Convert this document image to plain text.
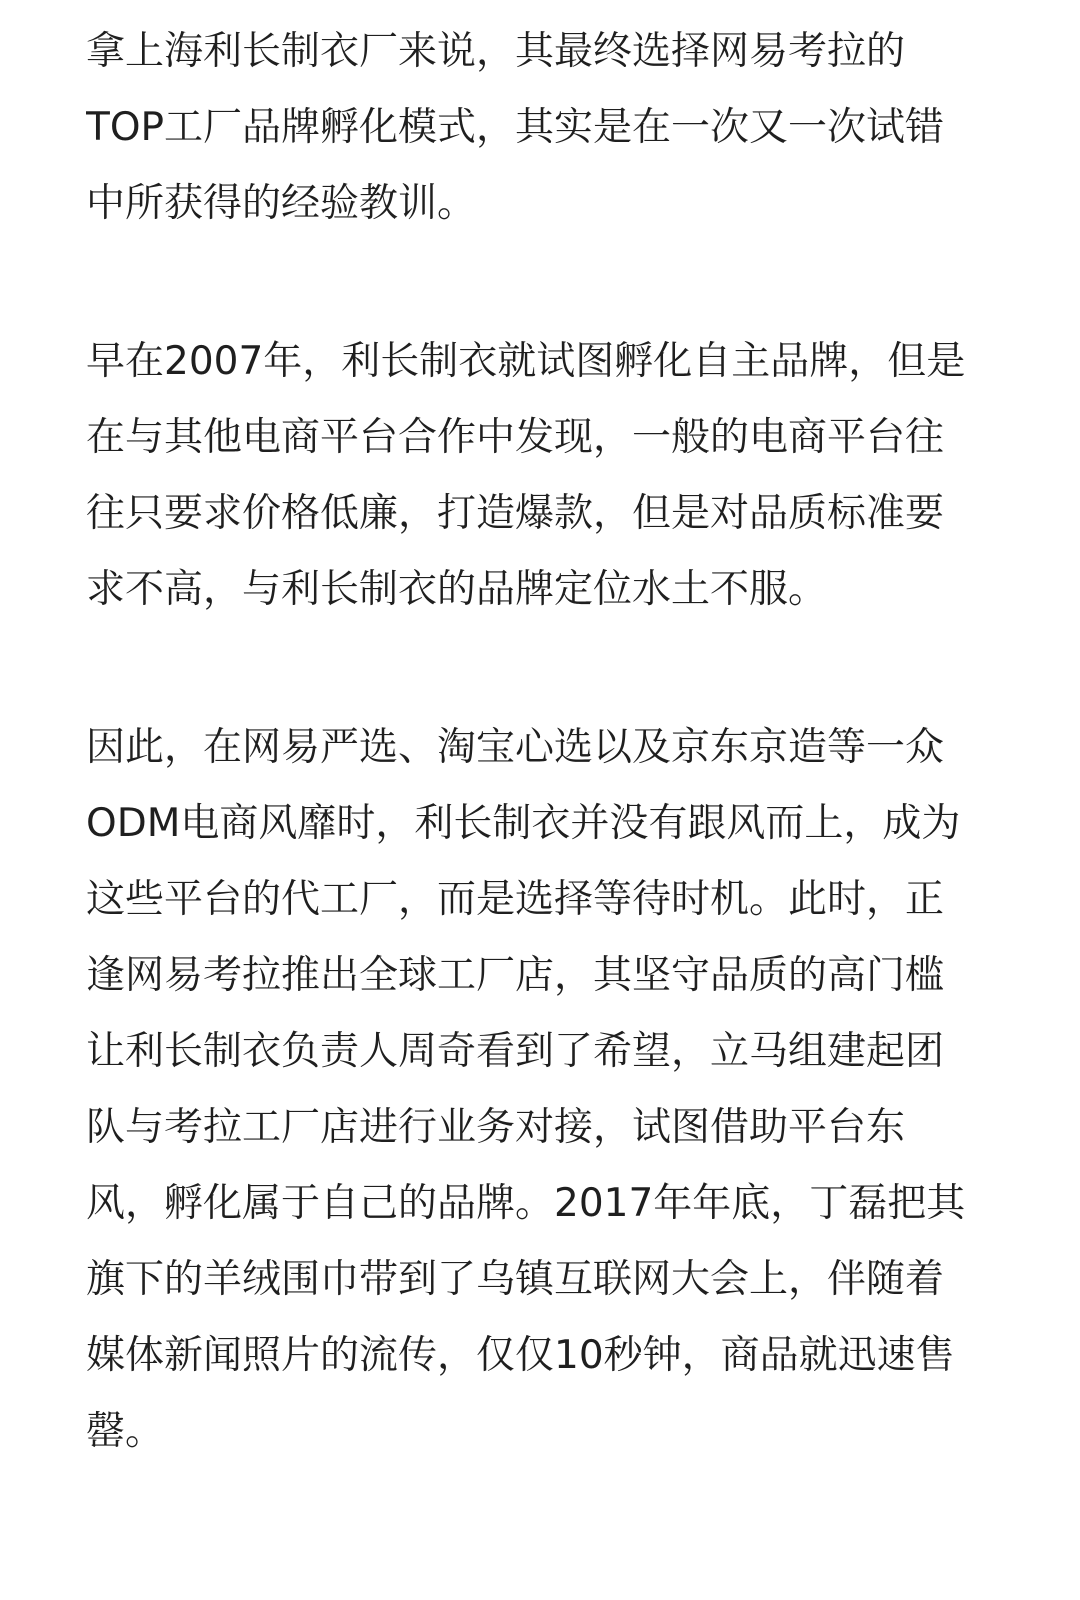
拿上海利长制衣厂来说，其最终选择网易考拉的
TOP工厂品牌孵化模式，其实是在一次又一次试错
中所获得的经验教训。
早在2007年，利长制衣就试图孵化自主品牌，但是
在与其他电商平台合作中发现，一般的电商平台往
往只要求价格低廉，打造爆款，但是对品质标准要
求不高，与利长制衣的品牌定位水土不服。
因此，在网易严选、淘宝心选以及京东京造等一众
ODM电商风靡时，利长制衣并没有跟风而上，成为
这些平台的代工厂，而是选择等待时机。此时，正
逢网易考拉推出全球工厂店，其坚守品质的高门槛
让利长制衣负责人周奇看到了希望，立马组建起团
队与考拉工厂店进行业务对接，试图借助平台东
风，孵化属于自己的品牌。2017年年底，丁磊把其
旗下的羊绒围巾带到了乌镇互联网大会上，伴随着
媒体新闻照片的流传，仅仅10秒钟，商品就迅速售
罄。
